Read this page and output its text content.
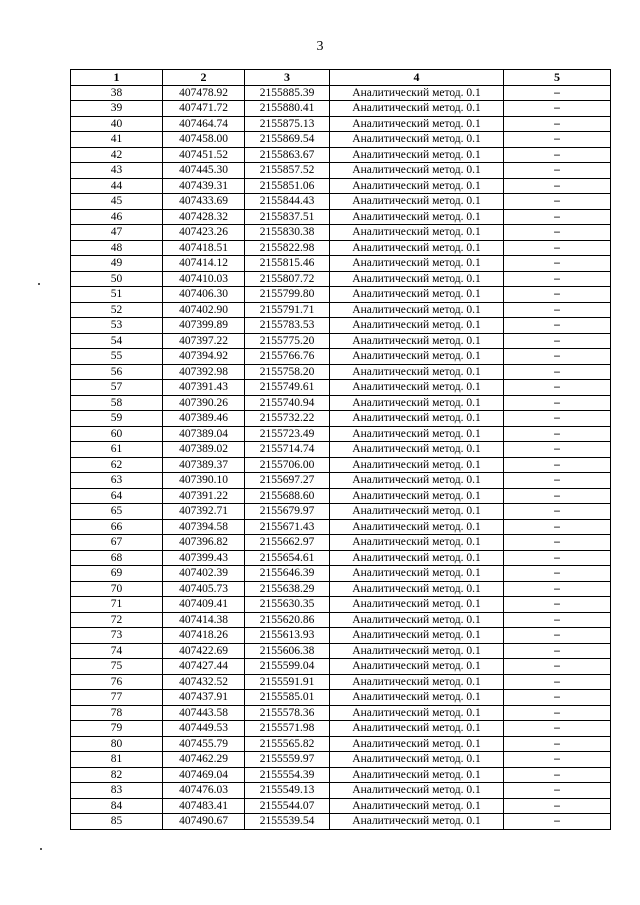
3
1	2	3	4	5
38	407478.92	2155885.39	Аналитический метод. 0.1	–
39	407471.72	2155880.41	Аналитический метод. 0.1	–
40	407464.74	2155875.13	Аналитический метод. 0.1	–
41	407458.00	2155869.54	Аналитический метод. 0.1	–
42	407451.52	2155863.67	Аналитический метод. 0.1	–
43	407445.30	2155857.52	Аналитический метод. 0.1	–
44	407439.31	2155851.06	Аналитический метод. 0.1	–
45	407433.69	2155844.43	Аналитический метод. 0.1	–
46	407428.32	2155837.51	Аналитический метод. 0.1	–
47	407423.26	2155830.38	Аналитический метод. 0.1	–
48	407418.51	2155822.98	Аналитический метод. 0.1	–
49	407414.12	2155815.46	Аналитический метод. 0.1	–
50	407410.03	2155807.72	Аналитический метод. 0.1	–
51	407406.30	2155799.80	Аналитический метод. 0.1	–
52	407402.90	2155791.71	Аналитический метод. 0.1	–
53	407399.89	2155783.53	Аналитический метод. 0.1	–
54	407397.22	2155775.20	Аналитический метод. 0.1	–
55	407394.92	2155766.76	Аналитический метод. 0.1	–
56	407392.98	2155758.20	Аналитический метод. 0.1	–
57	407391.43	2155749.61	Аналитический метод. 0.1	–
58	407390.26	2155740.94	Аналитический метод. 0.1	–
59	407389.46	2155732.22	Аналитический метод. 0.1	–
60	407389.04	2155723.49	Аналитический метод. 0.1	–
61	407389.02	2155714.74	Аналитический метод. 0.1	–
62	407389.37	2155706.00	Аналитический метод. 0.1	–
63	407390.10	2155697.27	Аналитический метод. 0.1	–
64	407391.22	2155688.60	Аналитический метод. 0.1	–
65	407392.71	2155679.97	Аналитический метод. 0.1	–
66	407394.58	2155671.43	Аналитический метод. 0.1	–
67	407396.82	2155662.97	Аналитический метод. 0.1	–
68	407399.43	2155654.61	Аналитический метод. 0.1	–
69	407402.39	2155646.39	Аналитический метод. 0.1	–
70	407405.73	2155638.29	Аналитический метод. 0.1	–
71	407409.41	2155630.35	Аналитический метод. 0.1	–
72	407414.38	2155620.86	Аналитический метод. 0.1	–
73	407418.26	2155613.93	Аналитический метод. 0.1	–
74	407422.69	2155606.38	Аналитический метод. 0.1	–
75	407427.44	2155599.04	Аналитический метод. 0.1	–
76	407432.52	2155591.91	Аналитический метод. 0.1	–
77	407437.91	2155585.01	Аналитический метод. 0.1	–
78	407443.58	2155578.36	Аналитический метод. 0.1	–
79	407449.53	2155571.98	Аналитический метод. 0.1	–
80	407455.79	2155565.82	Аналитический метод. 0.1	–
81	407462.29	2155559.97	Аналитический метод. 0.1	–
82	407469.04	2155554.39	Аналитический метод. 0.1	–
83	407476.03	2155549.13	Аналитический метод. 0.1	–
84	407483.41	2155544.07	Аналитический метод. 0.1	–
85	407490.67	2155539.54	Аналитический метод. 0.1	–
